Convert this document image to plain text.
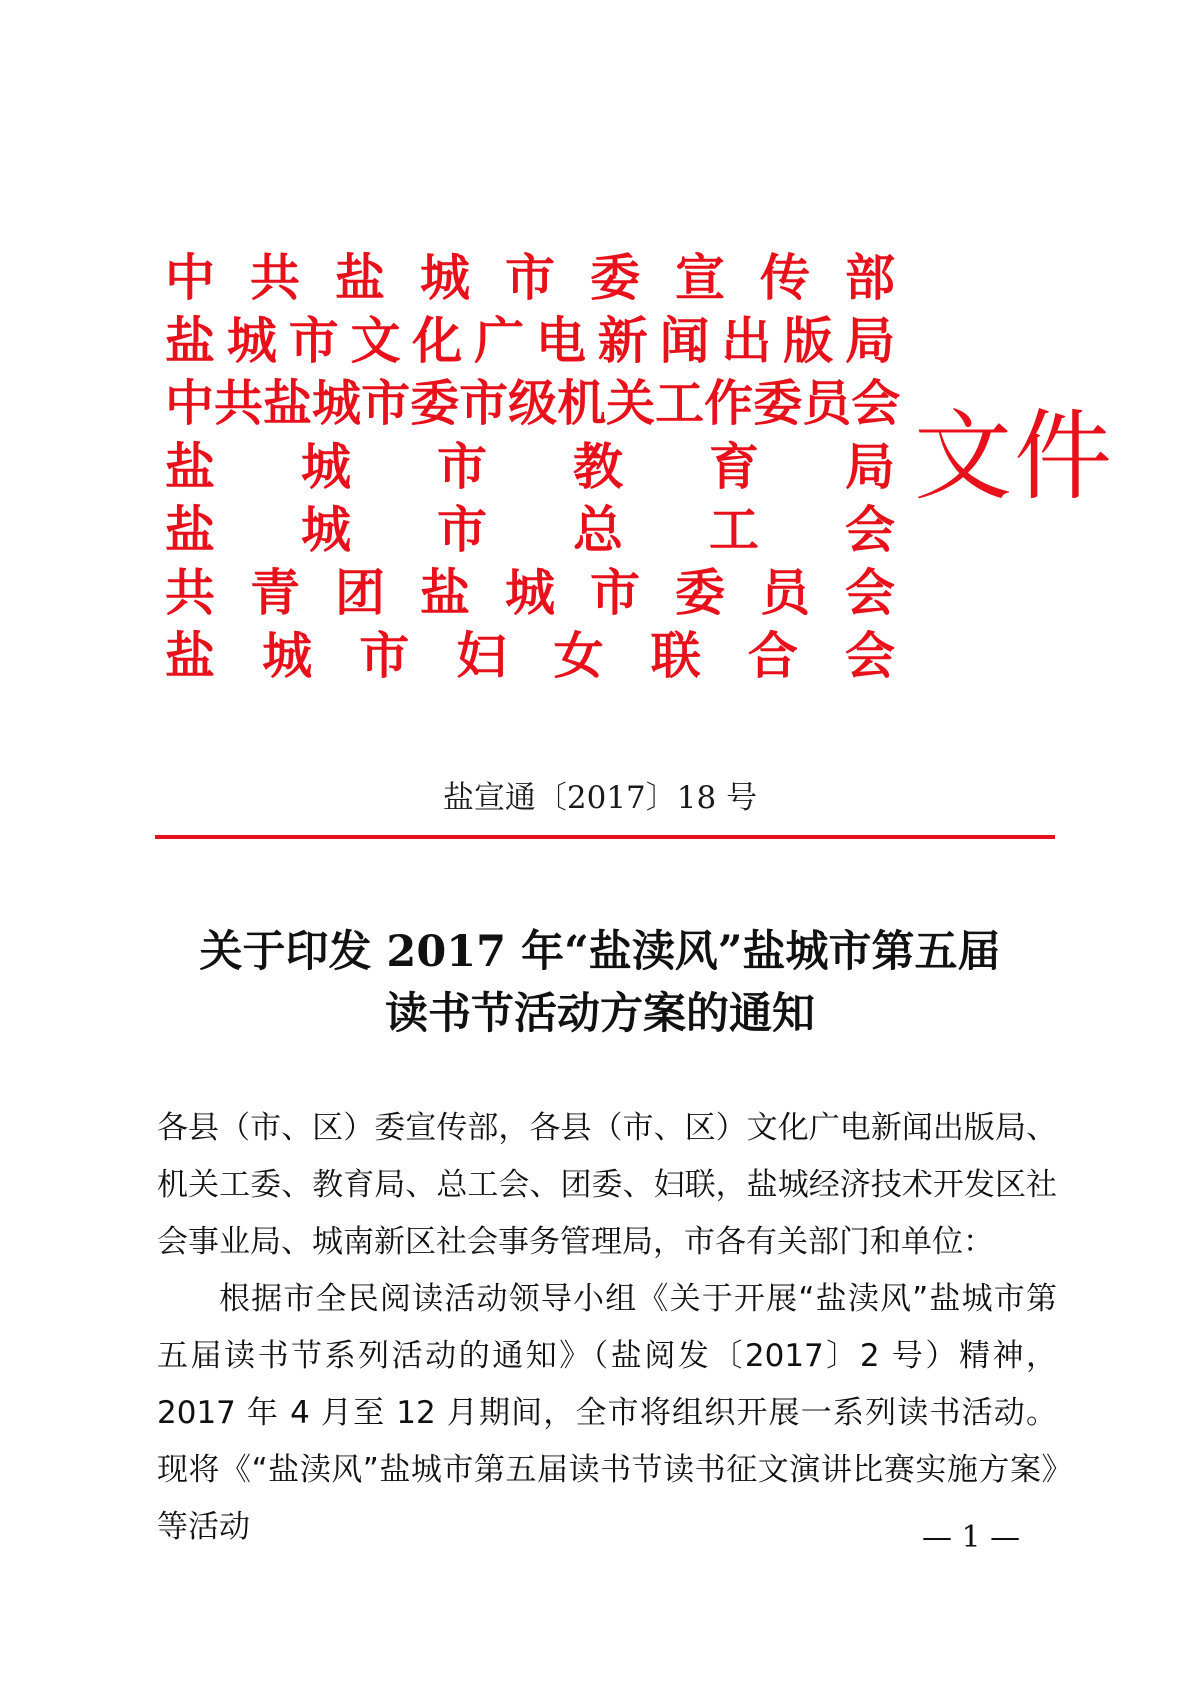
中 共 盐 城 市 委 宣 传 部
盐 城 市 文 化 广 电 新 闻 出 版 局
中 共 盐 城 市 委 市 级 机 关 工 作 委 员 会
盐 城 市 教 育 局
盐 城 市 总 工 会
共 青 团 盐 城 市 委 员 会
盐 城 市 妇 女 联 合 会
文件
盐宣通〔2017〕18 号
关于印发 2017 年“盐渎风”盐城市第五届
读书节活动方案的通知

各县（市、区）委宣传部，各县（市、区）文化广电新闻出版局、机关工委、教育局、总工会、团委、妇联，盐城经济技术开发区社会事业局、城南新区社会事务管理局，市各有关部门和单位：

根据市全民阅读活动领导小组《关于开展“盐渎风”盐城市第五届读书节系列活动的通知》（盐阅发〔2017〕2 号）精神，2017 年 4 月至 12 月期间，全市将组织开展一系列读书活动。现将《“盐渎风”盐城市第五届读书节读书征文演讲比赛实施方案》等活动	— 1 —
